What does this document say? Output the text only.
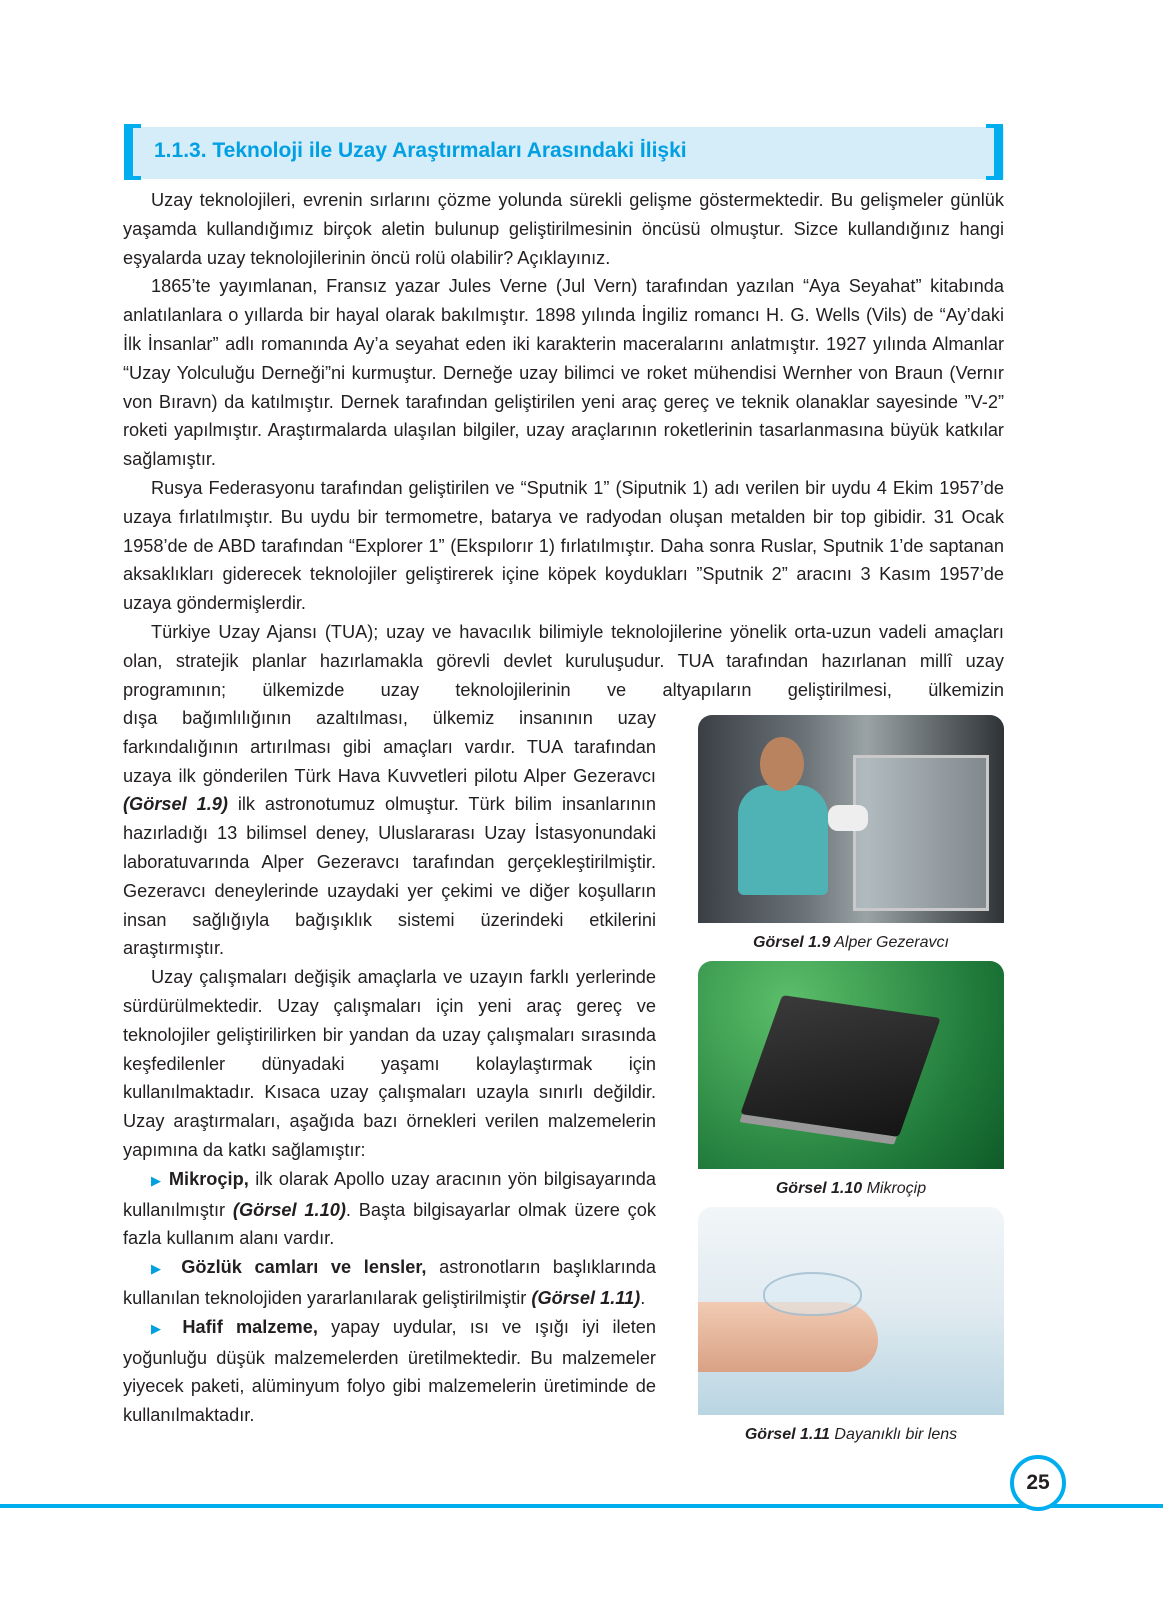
1.1.3. Teknoloji ile Uzay Araştırmaları Arasındaki İlişki

Uzay teknolojileri, evrenin sırlarını çözme yolunda sürekli gelişme göstermektedir. Bu gelişmeler günlük yaşamda kullandığımız birçok aletin bulunup geliştirilmesinin öncüsü olmuştur. Sizce kullandığınız hangi eşyalarda uzay teknolojilerinin öncü rolü olabilir? Açıklayınız.

1865’te yayımlanan, Fransız yazar Jules Verne (Jul Vern) tarafından yazılan “Aya Seyahat” kitabında anlatılanlara o yıllarda bir hayal olarak bakılmıştır. 1898 yılında İngiliz romancı H. G. Wells (Vils) de “Ay’daki İlk İnsanlar” adlı romanında Ay’a seyahat eden iki karakterin maceralarını anlatmıştır. 1927 yılında Almanlar “Uzay Yolculuğu Derneği”ni kurmuştur. Derneğe uzay bilimci ve roket mühendisi Wernher von Braun (Vernır von Bıravn) da katılmıştır. Dernek tarafından geliştirilen yeni araç gereç ve teknik olanaklar sayesinde ”V-2” roketi yapılmıştır. Araştırmalarda ulaşılan bilgiler, uzay araçlarının roketlerinin tasarlanmasına büyük katkılar sağlamıştır.

Rusya Federasyonu tarafından geliştirilen ve “Sputnik 1” (Siputnik 1) adı verilen bir uydu 4 Ekim 1957’de uzaya fırlatılmıştır. Bu uydu bir termometre, batarya ve radyodan oluşan metalden bir top gibidir. 31 Ocak 1958’de de ABD tarafından “Explorer 1” (Ekspılorır 1) fırlatılmıştır. Daha sonra Ruslar, Sputnik 1’de saptanan aksaklıkları giderecek teknolojiler geliştirerek içine köpek koydukları ”Sputnik 2” aracını 3 Kasım 1957’de uzaya göndermişlerdir.

Türkiye Uzay Ajansı (TUA); uzay ve havacılık bilimiyle teknolojilerine yönelik orta-uzun vadeli amaçları olan, stratejik planlar hazırlamakla görevli devlet kuruluşudur. TUA tarafından hazırlanan millî uzay programının; ülkemizde uzay teknolojilerinin ve altyapıların geliştirilmesi, ülkemizin

dışa bağımlılığının azaltılması, ülkemiz insanının uzay farkındalığının artırılması gibi amaçları vardır. TUA tarafından uzaya ilk gönderilen Türk Hava Kuvvetleri pilotu Alper Gezeravcı (Görsel 1.9) ilk astronotumuz olmuştur. Türk bilim insanlarının hazırladığı 13 bilimsel deney, Uluslararası Uzay İstasyonundaki laboratuvarında Alper Gezeravcı tarafından gerçekleştirilmiştir. Gezeravcı deneylerinde uzaydaki yer çekimi ve diğer koşulların insan sağlığıyla bağışıklık sistemi üzerindeki etkilerini araştırmıştır.

Uzay çalışmaları değişik amaçlarla ve uzayın farklı yerlerinde sürdürülmektedir. Uzay çalışmaları için yeni araç gereç ve teknolojiler geliştirilirken bir yandan da uzay çalışmaları sırasında keşfedilenler dünyadaki yaşamı kolaylaştırmak için kullanılmaktadır. Kısaca uzay çalışmaları uzayla sınırlı değildir. Uzay araştırmaları, aşağıda bazı örnekleri verilen malzemelerin yapımına da katkı sağlamıştır:

▶ Mikroçip, ilk olarak Apollo uzay aracının yön bilgisayarında kullanılmıştır (Görsel 1.10). Başta bilgisayarlar olmak üzere çok fazla kullanım alanı vardır.

▶ Gözlük camları ve lensler, astronotların başlıklarında kullanılan teknolojiden yararlanılarak geliştirilmiştir (Görsel 1.11).

▶ Hafif malzeme, yapay uydular, ısı ve ışığı iyi ileten yoğunluğu düşük malzemelerden üretilmektedir. Bu malzemeler yiyecek paketi, alüminyum folyo gibi malzemelerin üretiminde de kullanılmaktadır.

Görsel 1.9 Alper Gezeravcı
Görsel 1.10 Mikroçip
Görsel 1.11 Dayanıklı bir lens
25
